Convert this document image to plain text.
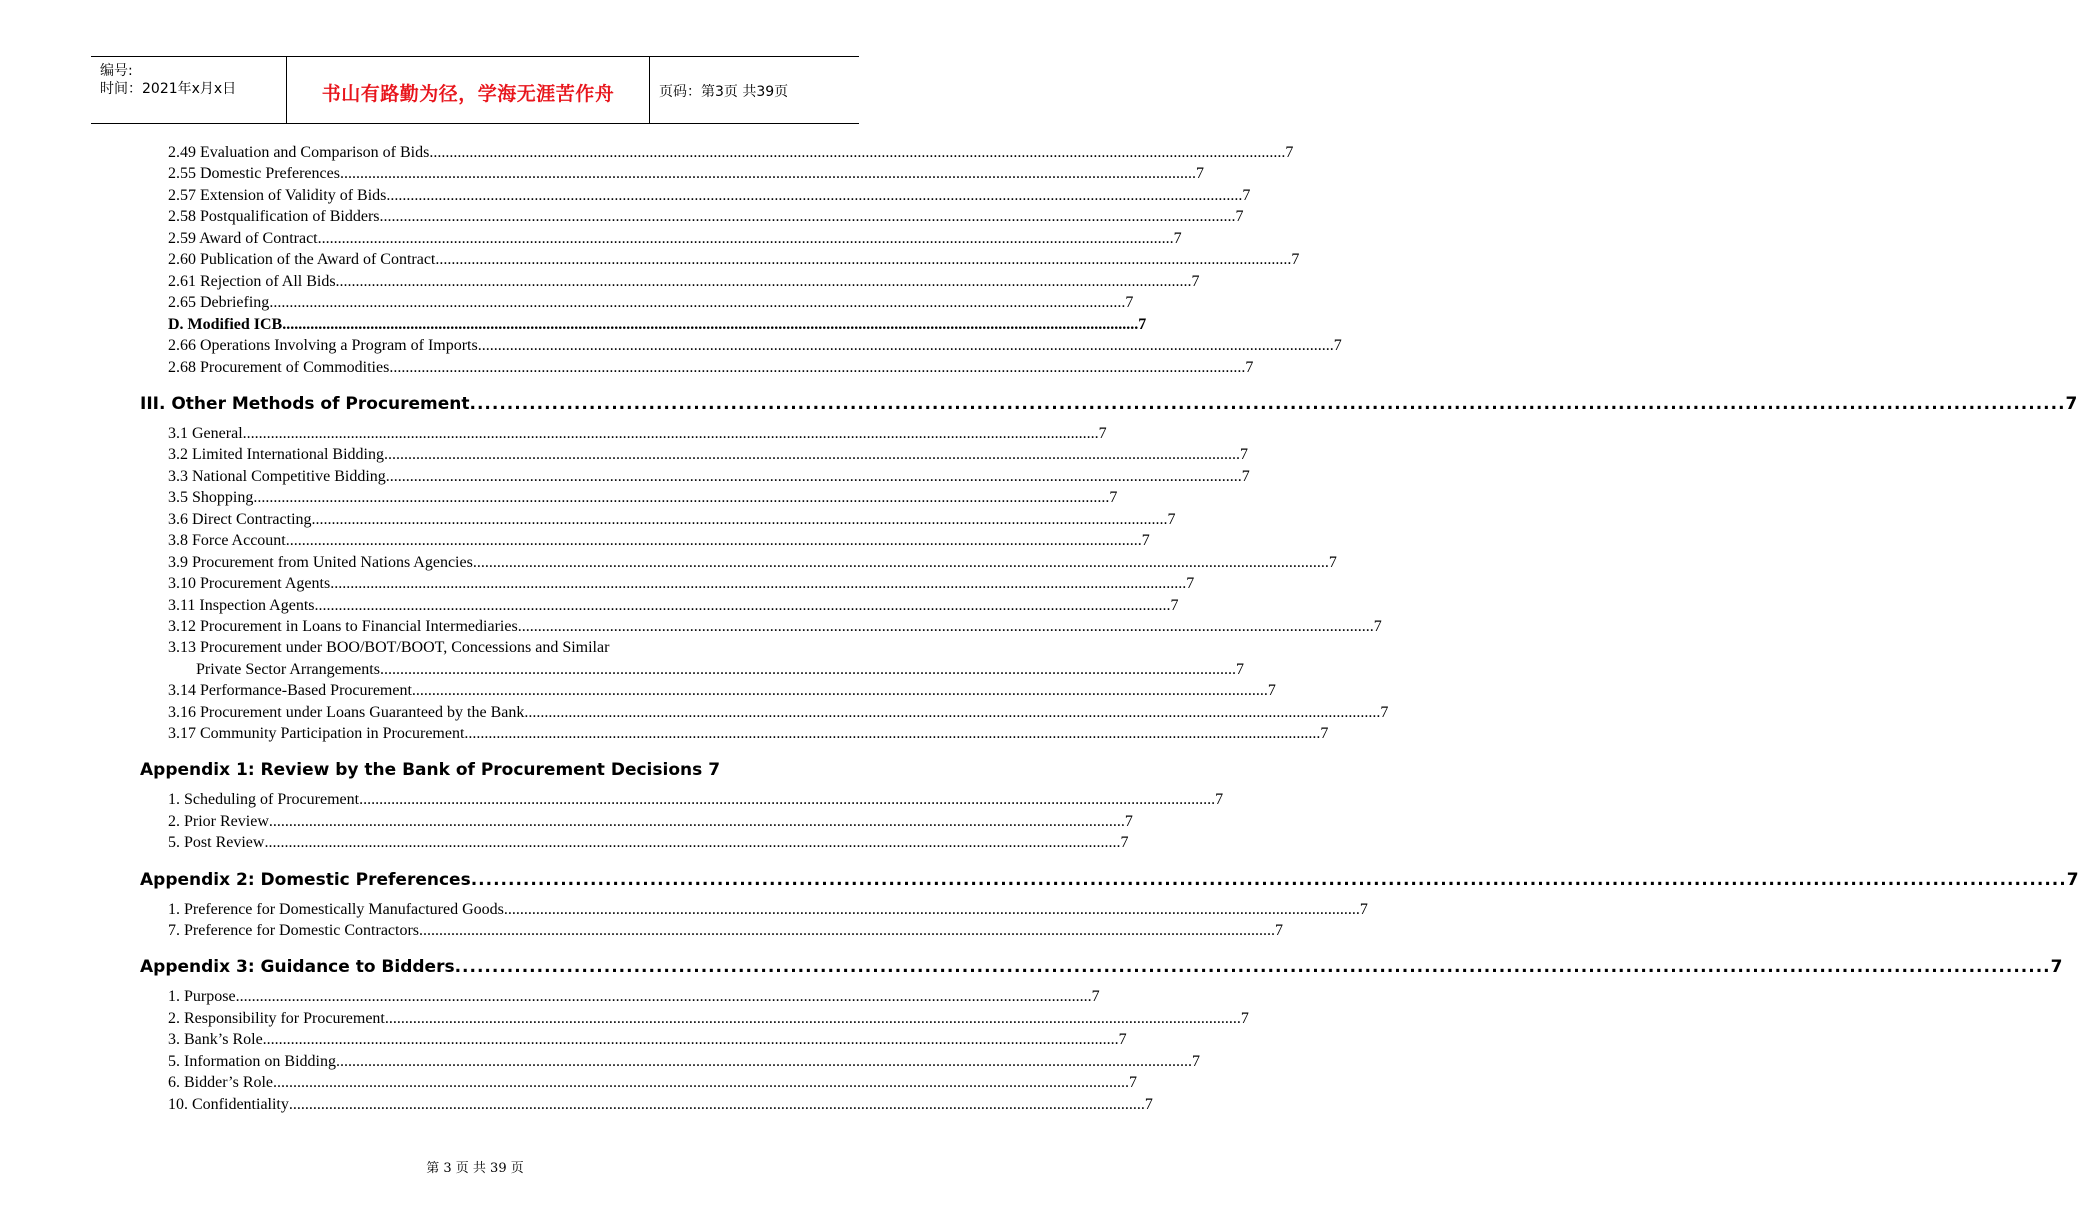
编号:
时间：2021年x月x日	书山有路勤为径，学海无涯苦作舟	页码：第3页 共39页
2.49 Evaluation and Comparison of Bids ...................................................................................................................................................................................................................... 7
2.55 Domestic Preferences ...................................................................................................................................................................................................................... 7
2.57 Extension of Validity of Bids ...................................................................................................................................................................................................................... 7
2.58 Postqualification of Bidders ...................................................................................................................................................................................................................... 7
2.59 Award of Contract ...................................................................................................................................................................................................................... 7
2.60 Publication of the Award of Contract ...................................................................................................................................................................................................................... 7
2.61 Rejection of All Bids ...................................................................................................................................................................................................................... 7
2.65 Debriefing ...................................................................................................................................................................................................................... 7
D. Modified ICB ...................................................................................................................................................................................................................... 7
2.66 Operations Involving a Program of Imports ...................................................................................................................................................................................................................... 7
2.68 Procurement of Commodities ...................................................................................................................................................................................................................... 7
III. Other Methods of Procurement ...................................................................................................................................................................................................................... 7
3.1 General ...................................................................................................................................................................................................................... 7
3.2 Limited International Bidding ...................................................................................................................................................................................................................... 7
3.3 National Competitive Bidding ...................................................................................................................................................................................................................... 7
3.5 Shopping ...................................................................................................................................................................................................................... 7
3.6 Direct Contracting ...................................................................................................................................................................................................................... 7
3.8 Force Account ...................................................................................................................................................................................................................... 7
3.9 Procurement from United Nations Agencies ...................................................................................................................................................................................................................... 7
3.10 Procurement Agents ...................................................................................................................................................................................................................... 7
3.11 Inspection Agents ...................................................................................................................................................................................................................... 7
3.12 Procurement in Loans to Financial Intermediaries ...................................................................................................................................................................................................................... 7
3.13 Procurement under BOO/BOT/BOOT, Concessions and Similar
Private Sector Arrangements ...................................................................................................................................................................................................................... 7
3.14 Performance-Based Procurement ...................................................................................................................................................................................................................... 7
3.16 Procurement under Loans Guaranteed by the Bank ...................................................................................................................................................................................................................... 7
3.17 Community Participation in Procurement ...................................................................................................................................................................................................................... 7
Appendix 1: Review by the Bank of Procurement Decisions 7
1. Scheduling of Procurement ...................................................................................................................................................................................................................... 7
2. Prior Review ...................................................................................................................................................................................................................... 7
5. Post Review ...................................................................................................................................................................................................................... 7
Appendix 2: Domestic Preferences ...................................................................................................................................................................................................................... 7
1. Preference for Domestically Manufactured Goods ...................................................................................................................................................................................................................... 7
7. Preference for Domestic Contractors ...................................................................................................................................................................................................................... 7
Appendix 3: Guidance to Bidders ...................................................................................................................................................................................................................... 7
1. Purpose ...................................................................................................................................................................................................................... 7
2. Responsibility for Procurement ...................................................................................................................................................................................................................... 7
3. Bank’s Role ...................................................................................................................................................................................................................... 7
5. Information on Bidding ...................................................................................................................................................................................................................... 7
6. Bidder’s Role ...................................................................................................................................................................................................................... 7
10. Confidentiality ...................................................................................................................................................................................................................... 7
第 3 页 共 39 页
